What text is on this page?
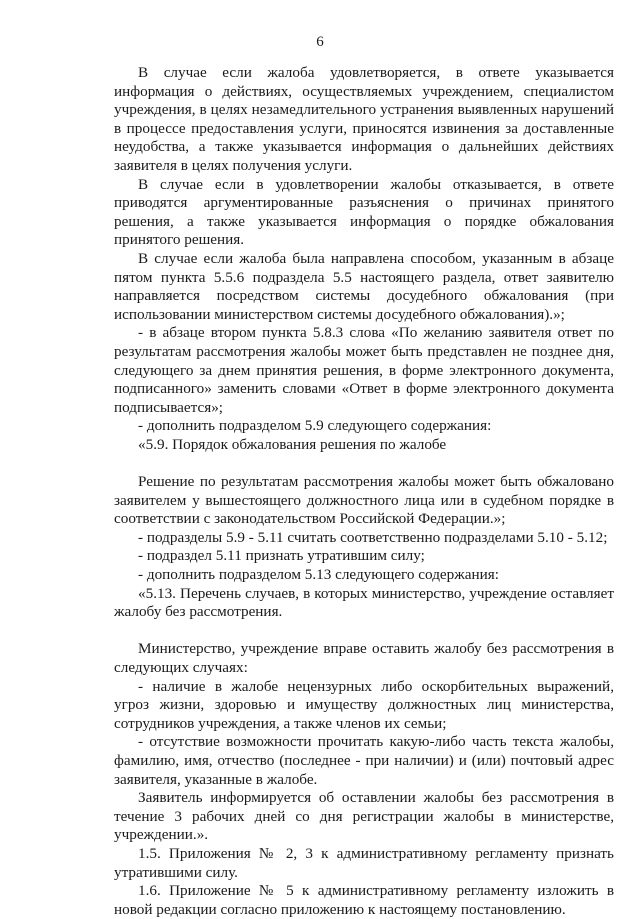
6

В случае если жалоба удовлетворяется, в ответе указывается информация о действиях, осуществляемых учреждением, специалистом учреждения, в целях незамедлительного устранения выявленных нарушений в процессе предоставления услуги, приносятся извинения за доставленные неудобства, а также указывается информация о дальнейших действиях заявителя в целях получения услуги.

В случае если в удовлетворении жалобы отказывается, в ответе приводятся аргументированные разъяснения о причинах принятого решения, а также указывается информация о порядке обжалования принятого решения.

В случае если жалоба была направлена способом, указанным в абзаце пятом пункта 5.5.6 подраздела 5.5 настоящего раздела, ответ заявителю направляется посредством системы досудебного обжалования (при использовании министерством системы досудебного обжалования).»;

- в абзаце втором пункта 5.8.3 слова «По желанию заявителя ответ по результатам рассмотрения жалобы может быть представлен не позднее дня, следующего за днем принятия решения, в форме электронного документа, подписанного» заменить словами «Ответ в форме электронного документа подписывается»;

- дополнить подразделом 5.9 следующего содержания:

«5.9. Порядок обжалования решения по жалобе

Решение по результатам рассмотрения жалобы может быть обжаловано заявителем у вышестоящего должностного лица или в судебном порядке в соответствии с законодательством Российской Федерации.»;

- подразделы 5.9 - 5.11 считать соответственно подразделами 5.10 - 5.12;

- подраздел 5.11 признать утратившим силу;

- дополнить подразделом 5.13 следующего содержания:

«5.13. Перечень случаев, в которых министерство, учреждение оставляет жалобу без рассмотрения.

Министерство, учреждение вправе оставить жалобу без рассмотрения в следующих случаях:

- наличие в жалобе нецензурных либо оскорбительных выражений, угроз жизни, здоровью и имуществу должностных лиц министерства, сотрудников учреждения, а также членов их семьи;

- отсутствие возможности прочитать какую-либо часть текста жалобы, фамилию, имя, отчество (последнее - при наличии) и (или) почтовый адрес заявителя, указанные в жалобе.

Заявитель информируется об оставлении жалобы без рассмотрения в течение 3 рабочих дней со дня регистрации жалобы в министерстве, учреждении.».

1.5. Приложения № 2, 3 к административному регламенту признать утратившими силу.

1.6. Приложение № 5 к административному регламенту изложить в новой редакции согласно приложению к настоящему постановлению.
